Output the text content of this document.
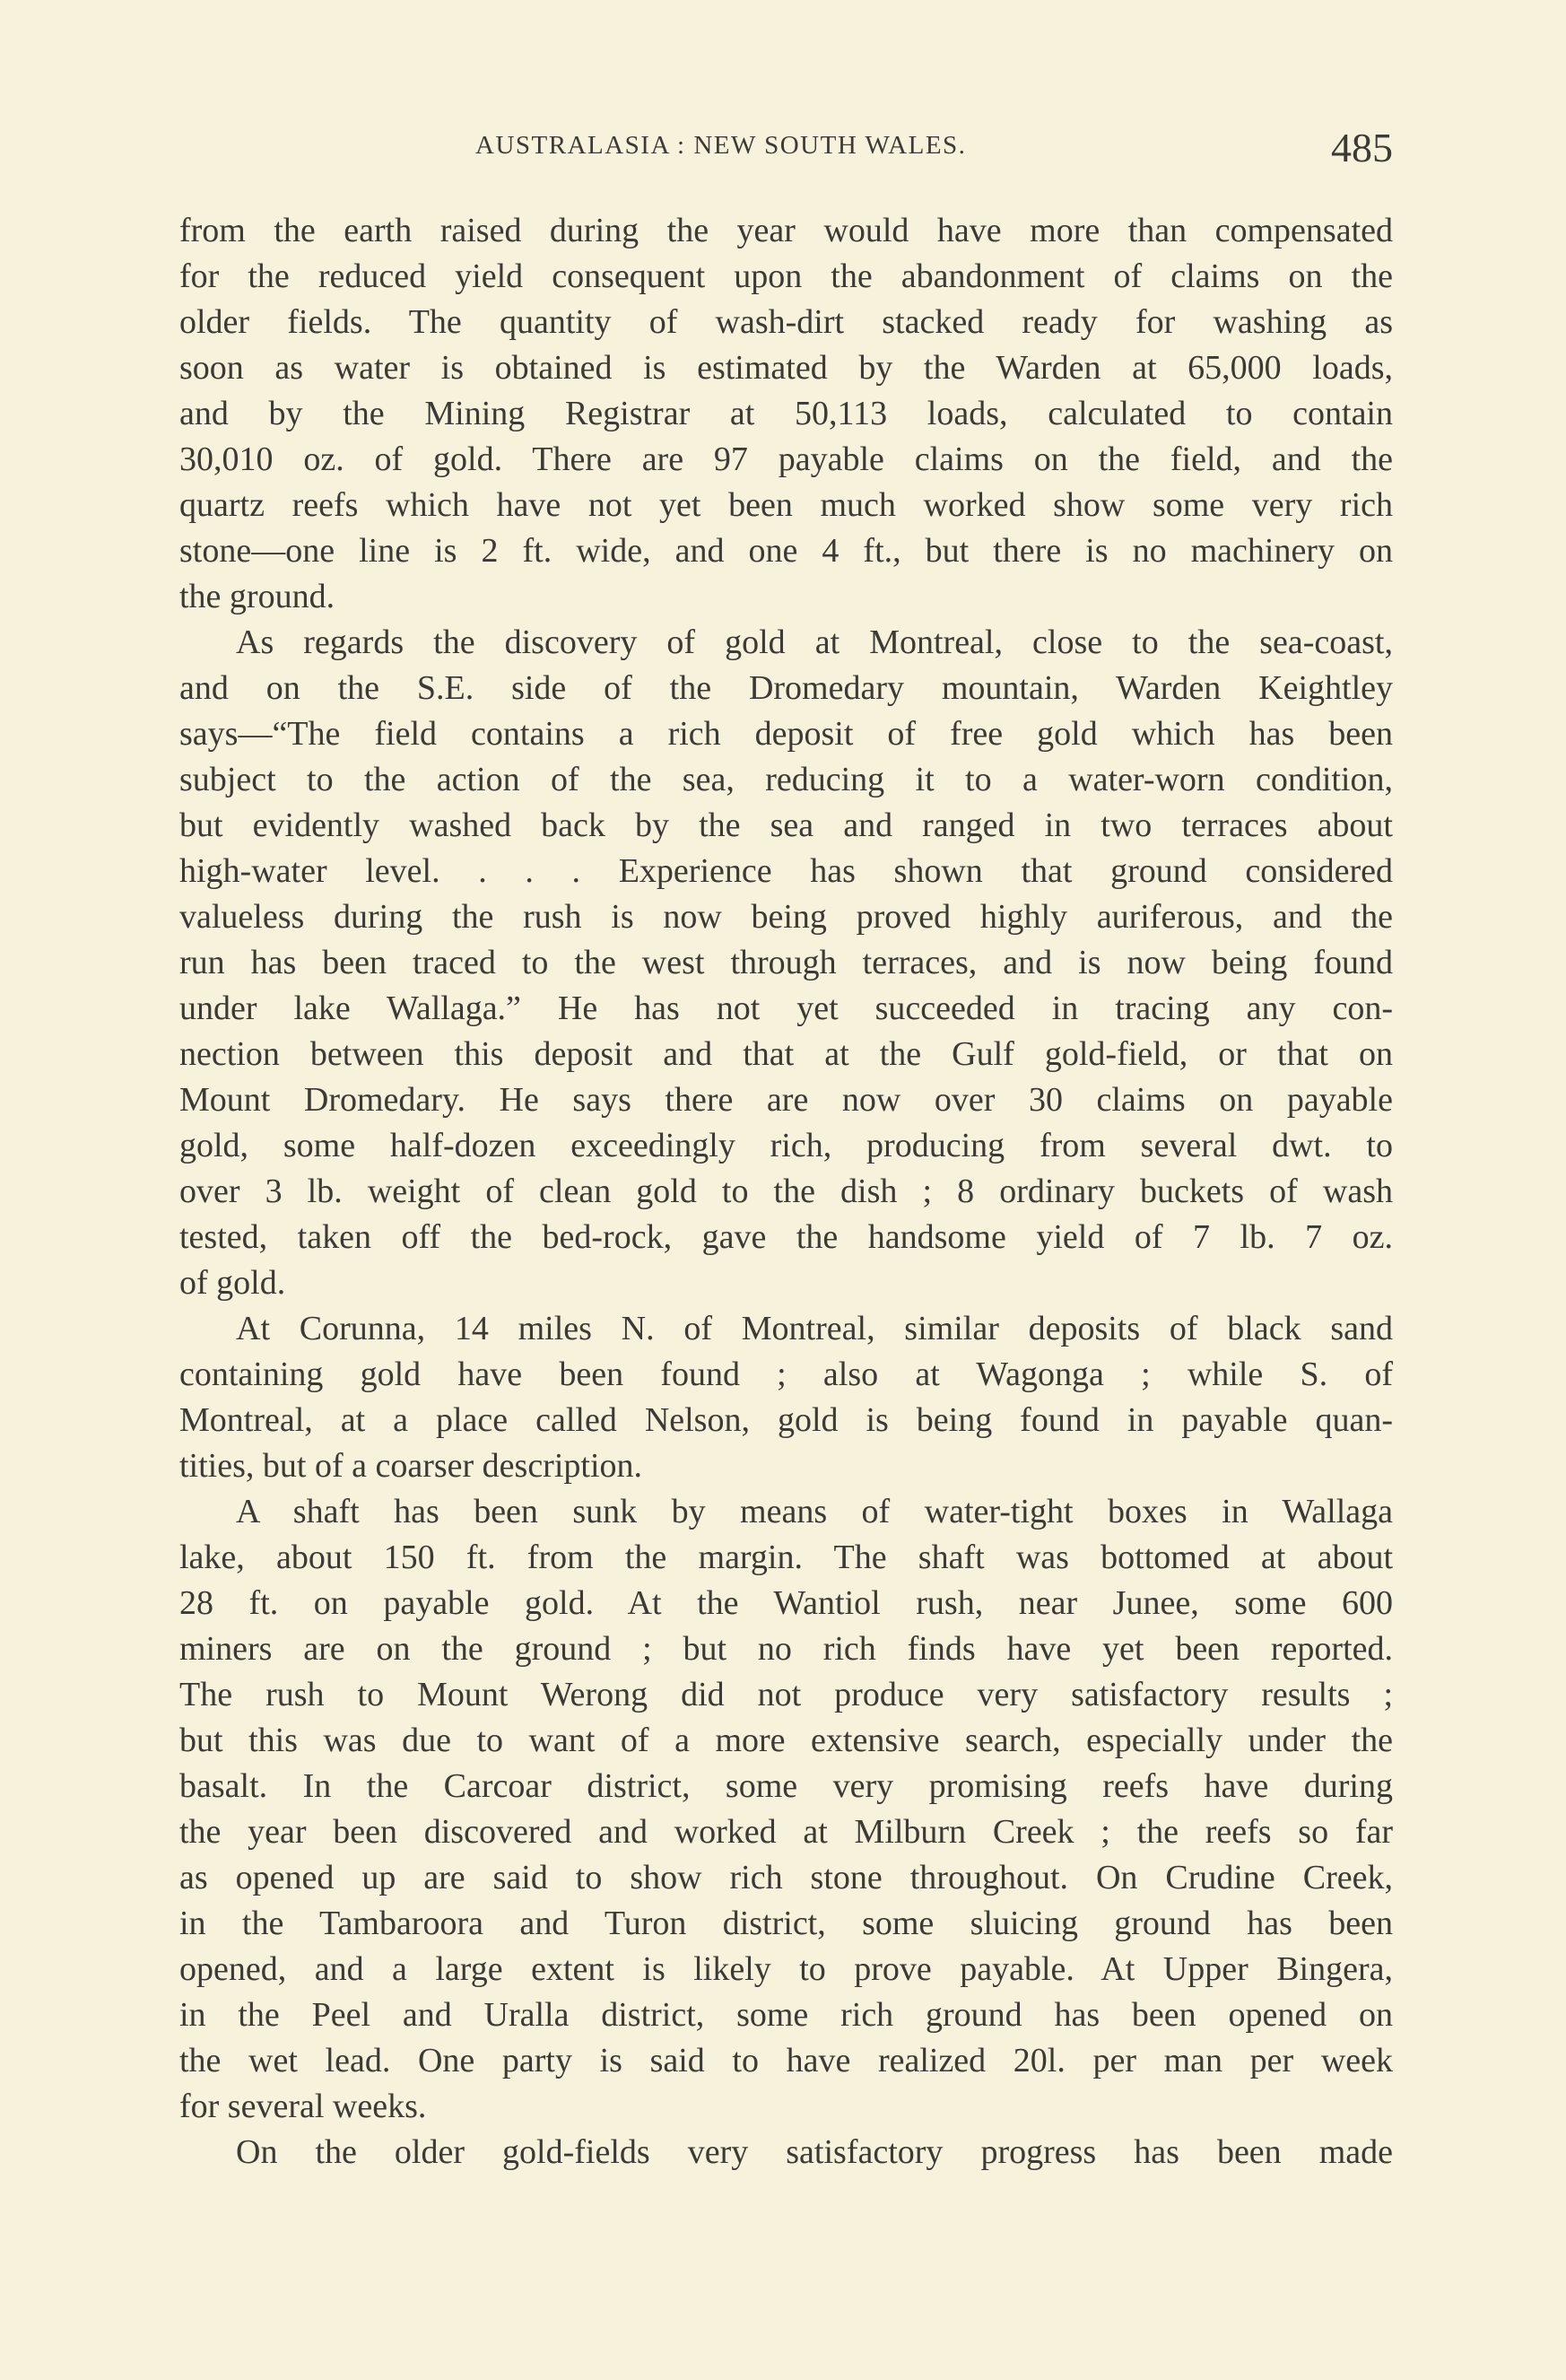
AUSTRALASIA : NEW SOUTH WALES.	485
from the earth raised during the year would have more than compensated
for the reduced yield consequent upon the abandonment of claims on the
older fields. The quantity of wash-dirt stacked ready for washing as
soon as water is obtained is estimated by the Warden at 65,000 loads,
and by the Mining Registrar at 50,113 loads, calculated to contain
30,010 oz. of gold. There are 97 payable claims on the field, and the
quartz reefs which have not yet been much worked show some very rich
stone—one line is 2 ft. wide, and one 4 ft., but there is no machinery on
the ground.
As regards the discovery of gold at Montreal, close to the sea-coast,
and on the S.E. side of the Dromedary mountain, Warden Keightley
says—“The field contains a rich deposit of free gold which has been
subject to the action of the sea, reducing it to a water-worn condition,
but evidently washed back by the sea and ranged in two terraces about
high-water level. . . . Experience has shown that ground considered
valueless during the rush is now being proved highly auriferous, and the
run has been traced to the west through terraces, and is now being found
under lake Wallaga.” He has not yet succeeded in tracing any con-
nection between this deposit and that at the Gulf gold-field, or that on
Mount Dromedary. He says there are now over 30 claims on payable
gold, some half-dozen exceedingly rich, producing from several dwt. to
over 3 lb. weight of clean gold to the dish ; 8 ordinary buckets of wash
tested, taken off the bed-rock, gave the handsome yield of 7 lb. 7 oz.
of gold.
At Corunna, 14 miles N. of Montreal, similar deposits of black sand
containing gold have been found ; also at Wagonga ; while S. of
Montreal, at a place called Nelson, gold is being found in payable quan-
tities, but of a coarser description.
A shaft has been sunk by means of water-tight boxes in Wallaga
lake, about 150 ft. from the margin. The shaft was bottomed at about
28 ft. on payable gold. At the Wantiol rush, near Junee, some 600
miners are on the ground ; but no rich finds have yet been reported.
The rush to Mount Werong did not produce very satisfactory results ;
but this was due to want of a more extensive search, especially under the
basalt. In the Carcoar district, some very promising reefs have during
the year been discovered and worked at Milburn Creek ; the reefs so far
as opened up are said to show rich stone throughout. On Crudine Creek,
in the Tambaroora and Turon district, some sluicing ground has been
opened, and a large extent is likely to prove payable. At Upper Bingera,
in the Peel and Uralla district, some rich ground has been opened on
the wet lead. One party is said to have realized 20l. per man per week
for several weeks.
On the older gold-fields very satisfactory progress has been made
